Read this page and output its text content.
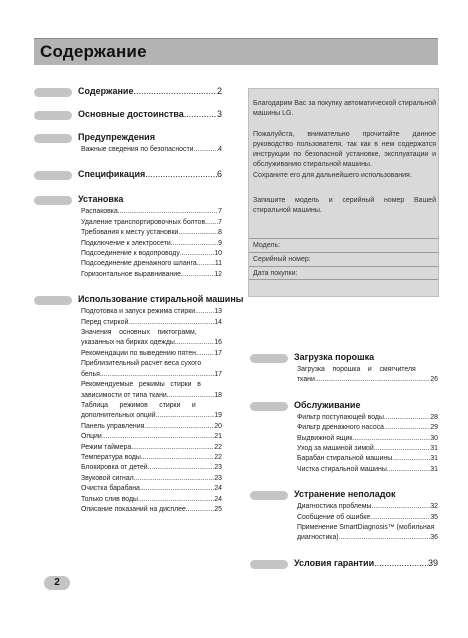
Содержание
Содержание .....	2
Основные достоинства .....	3
Предупреждения
Важные сведения по безопасности .....	4
Спецификация .....	6
Установка
Распаковка .....	7
Удаление транспортировочных болтов ..... 7
Требования к месту установки .....	8
Подключение к электросети .....	9
Подсоединение к водопроводу .....	10
Подсоединение дренажного шланга .....	11
Горизонтальное выравнивание .....	12
Использование стиральной машины
Подготовка и запуск режима стирки .....	13
Перед стиркой .....	14
Значения    основных    пиктограмм,
указанных на бирках одежды .....	16
Рекомендации по выведению пятен .....	17
Приблизительный расчет веса сухого
белья .....	17
Рекомендуемые   режимы   стирки   в
зависимости от типа ткани .....	18
Таблица      режимов      стирки      и
дополнительных опций .....	19
Панель управления .....	20
Опции .....	21
Режим таймера .....	22
Температура воды .....	22
Блокировка от детей .....	23
Звуковой сигнал .....	23
Очистка барабана .....	24
Только слив воды .....	24
Описание показаний на дисплее .....	25
Благодарим Вас за покупку автоматической стиральной машины LG.
Пожалуйста, внимательно прочитайте данное руководство пользователя, так как в нем содержатся инструкции по безопасной установке, эксплуатации и обслуживанию стиральной машины.
Сохраните его для дальнейшего использования.
Запишите модель и серийный номер Вашей стиральной машины.
Модель:
Серийный номер:
Дата покупки:
Загрузка порошка
Загрузка    порошка    и    смягчителя
ткани .....	26
Обслуживание
Фильтр поступающей воды .....	28
Фильтр дренажного насоса .....	29
Выдвижной ящик .....	30
Уход за машиной зимой .....	31
Барабан стиральной машины .....	31
Чистка стиральной машины .....	31
Устранение неполадок
Диагностика проблемы .....	32
Сообщение об ошибке .....	35
Применение SmartDiagnosis™ (мобильная
диагностика) .....	36
Условия гарантии .....	39
2
